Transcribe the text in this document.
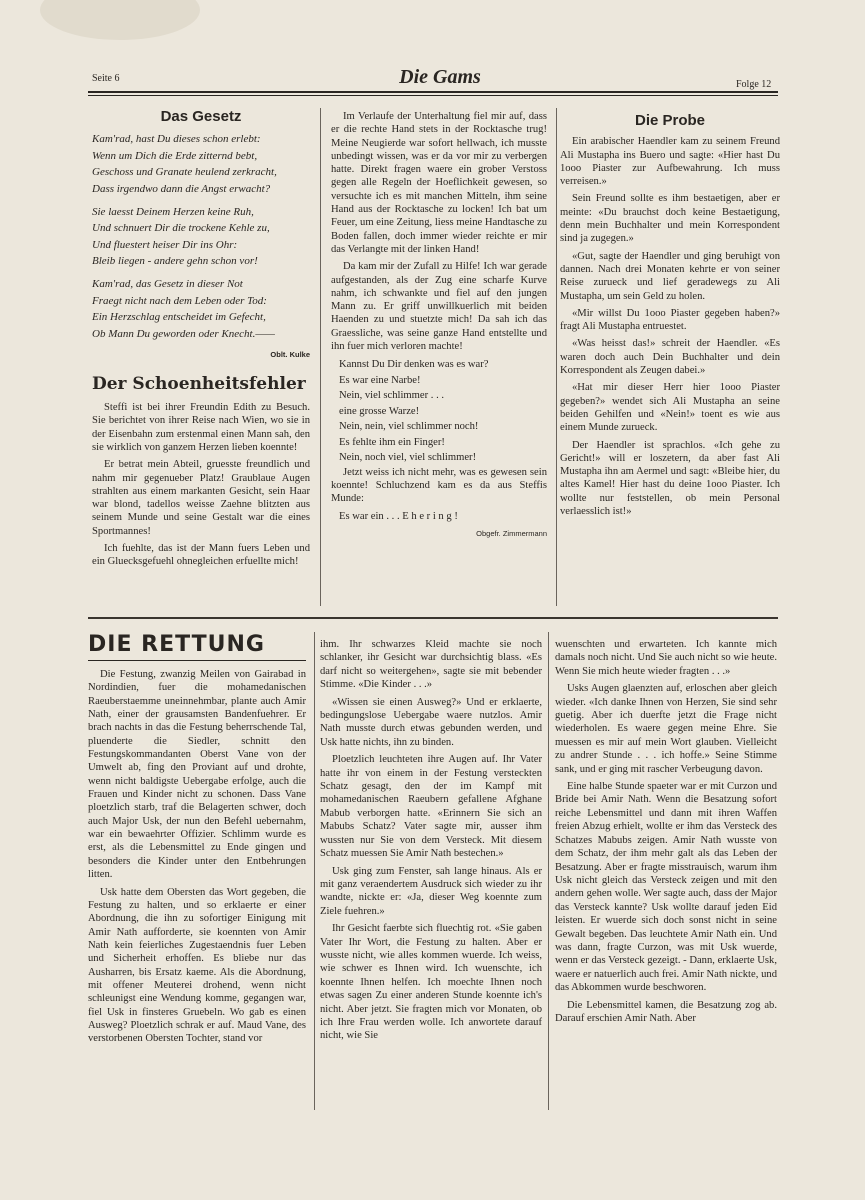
Seite 6	Die Gams	Folge 12
Das Gesetz
Kam'rad, hast Du dieses schon erlebt:
Wenn um Dich die Erde zitternd bebt,
Geschoss und Granate heulend zerkracht,
Dass irgendwo dann die Angst erwacht?
Sie laesst Deinem Herzen keine Ruh,
Und schnuert Dir die trockene Kehle zu,
Und fluestert heiser Dir ins Ohr:
Bleib liegen - andere gehn schon vor!
Kam'rad, das Gesetz in dieser Not
Fraegt nicht nach dem Leben oder Tod:
Ein Herzschlag entscheidet im Gefecht,
Ob Mann Du geworden oder Knecht.——
Oblt. Kulke
Der Schoenheitsfehler

Steffi ist bei ihrer Freundin Edith zu Besuch. Sie berichtet von ihrer Reise nach Wien, wo sie in der Eisenbahn zum erstenmal einen Mann sah, den sie wirklich von ganzem Herzen lieben koennte!

Er betrat mein Abteil, gruesste freundlich und nahm mir gegenueber Platz! Graublaue Augen strahlten aus einem markanten Gesicht, sein Haar war blond, tadellos weisse Zaehne blitzten aus seinem Munde und seine Gestalt war die eines Sportmannes!

Ich fuehlte, das ist der Mann fuers Leben und ein Gluecksgefuehl ohnegleichen erfuellte mich!

Im Verlaufe der Unterhaltung fiel mir auf, dass er die rechte Hand stets in der Rocktasche trug! Meine Neugierde war sofort hellwach, ich musste unbedingt wissen, was er da vor mir zu verbergen hatte. Direkt fragen waere ein grober Verstoss gegen alle Regeln der Hoeflichkeit gewesen, so versuchte ich es mit manchen Mitteln, ihm seine Hand aus der Rocktasche zu locken! Ich bat um Feuer, um eine Zeitung, liess meine Handtasche zu Boden fallen, doch immer wieder reichte er mir das Verlangte mit der linken Hand!

Da kam mir der Zufall zu Hilfe! Ich war gerade aufgestanden, als der Zug eine scharfe Kurve nahm, ich schwankte und fiel auf den jungen Mann zu. Er griff unwillkuerlich mit beiden Haenden zu und stuetzte mich! Da sah ich das Graessliche, was seine ganze Hand entstellte und ihn fuer mich verloren machte!

Kannst Du Dir denken was es war?
Es war eine Narbe!
Nein, viel schlimmer . . .
eine grosse Warze!
Nein, nein, viel schlimmer noch!
Es fehlte ihm ein Finger!
Nein, noch viel, viel schlimmer!

Jetzt weiss ich nicht mehr, was es gewesen sein koennte! Schluchzend kam es da aus Steffis Munde:

Es war ein . . . E h e r i n g !
Obgefr. Zimmermann
Die Probe

Ein arabischer Haendler kam zu seinem Freund Ali Mustapha ins Buero und sagte: «Hier hast Du 1ooo Piaster zur Aufbewahrung. Ich muss verreisen.»

Sein Freund sollte es ihm bestaetigen, aber er meinte: «Du brauchst doch keine Bestaetigung, denn mein Buchhalter und mein Korrespondent sind ja zugegen.»

«Gut, sagte der Haendler und ging beruhigt von dannen. Nach drei Monaten kehrte er von seiner Reise zurueck und lief geradewegs zu Ali Mustapha, um sein Geld zu holen.

«Mir willst Du 1ooo Piaster gegeben haben?» fragt Ali Mustapha entruestet.

«Was heisst das!» schreit der Haendler. «Es waren doch auch Dein Buchhalter und dein Korrespondent als Zeugen dabei.»

«Hat mir dieser Herr hier 1ooo Piaster gegeben?» wendet sich Ali Mustapha an seine beiden Gehilfen und «Nein!» toent es wie aus einem Munde zurueck.

Der Haendler ist sprachlos. «Ich gehe zu Gericht!» will er loszetern, da aber fast Ali Mustapha ihn am Aermel und sagt: «Bleibe hier, du altes Kamel! Hier hast du deine 1ooo Piaster. Ich wollte nur feststellen, ob mein Personal verlaesslich ist!»

DIE RETTUNG

Die Festung, zwanzig Meilen von Gairabad in Nordindien, fuer die mohamedanischen Raeuberstaemme uneinnehmbar, plante auch Amir Nath, einer der grausamsten Bandenfuehrer. Er brach nachts in das die Festung beherrschende Tal, pluenderte die Siedler, schnitt den Festungskommandanten Oberst Vane von der Umwelt ab, fing den Proviant auf und drohte, wenn nicht baldigste Uebergabe erfolge, auch die Frauen und Kinder nicht zu schonen. Dass Vane ploetzlich starb, traf die Belagerten schwer, doch auch Major Usk, der nun den Befehl uebernahm, war ein bewaehrter Offizier. Schlimm wurde es erst, als die Lebensmittel zu Ende gingen und besonders die Kinder unter den Entbehrungen litten.

Usk hatte dem Obersten das Wort gegeben, die Festung zu halten, und so erklaerte er einer Abordnung, die ihn zu sofortiger Einigung mit Amir Nath aufforderte, sie koennten von Amir Nath kein feierliches Zugestaendnis fuer Leben und Sicherheit erhoffen. Es bliebe nur das Ausharren, bis Ersatz kaeme. Als die Abordnung, mit offener Meuterei drohend, wenn nicht schleunigst eine Wendung komme, gegangen war, fiel Usk in finsteres Gruebeln. Wo gab es einen Ausweg? Ploetzlich schrak er auf. Maud Vane, des verstorbenen Obersten Tochter, stand vor

ihm. Ihr schwarzes Kleid machte sie noch schlanker, ihr Gesicht war durchsichtig blass. «Es darf nicht so weitergehen», sagte sie mit bebender Stimme. «Die Kinder . . .»

«Wissen sie einen Ausweg?» Und er erklaerte, bedingungslose Uebergabe waere nutzlos. Amir Nath musste durch etwas gebunden werden, und Usk hatte nichts, ihn zu binden.

Ploetzlich leuchteten ihre Augen auf. Ihr Vater hatte ihr von einem in der Festung versteckten Schatz gesagt, den der im Kampf mit mohamedanischen Raeubern gefallene Afghane Mabub verborgen hatte. «Erinnern Sie sich an Mabubs Schatz? Vater sagte mir, ausser ihm wussten nur Sie von dem Versteck. Mit diesem Schatz muessen Sie Amir Nath bestechen.»

Usk ging zum Fenster, sah lange hinaus. Als er mit ganz veraendertem Ausdruck sich wieder zu ihr wandte, nickte er: «Ja, dieser Weg koennte zum Ziele fuehren.»

Ihr Gesicht faerbte sich fluechtig rot. «Sie gaben Vater Ihr Wort, die Festung zu halten. Aber er wusste nicht, wie alles kommen wuerde. Ich weiss, wie schwer es Ihnen wird. Ich wuenschte, ich koennte Ihnen helfen. Ich moechte Ihnen noch etwas sagen Zu einer anderen Stunde koennte ich's nicht. Aber jetzt. Sie fragten mich vor Monaten, ob ich Ihre Frau werden wolle. Ich anwortete darauf nicht, wie Sie

wuenschten und erwarteten. Ich kannte mich damals noch nicht. Und Sie auch nicht so wie heute. Wenn Sie mich heute wieder fragten . . .»

Usks Augen glaenzten auf, erloschen aber gleich wieder. «Ich danke Ihnen von Herzen, Sie sind sehr guetig. Aber ich duerfte jetzt die Frage nicht wiederholen. Es waere gegen meine Ehre. Sie muessen es mir auf mein Wort glauben. Vielleicht zu andrer Stunde . . . ich hoffe.» Seine Stimme sank, und er ging mit rascher Verbeugung davon.

Eine halbe Stunde spaeter war er mit Curzon und Bride bei Amir Nath. Wenn die Besatzung sofort reiche Lebensmittel und dann mit ihren Waffen freien Abzug erhielt, wollte er ihm das Versteck des Schatzes Mabubs zeigen. Amir Nath wusste von dem Schatz, der ihm mehr galt als das Leben der Besatzung. Aber er fragte misstrauisch, warum ihm Usk nicht gleich das Versteck zeigen und mit den andern gehen wolle. Wer sagte auch, dass der Major das Versteck kannte? Usk wollte darauf jeden Eid leisten. Er wuerde sich doch sonst nicht in seine Gewalt begeben. Das leuchtete Amir Nath ein. Und was dann, fragte Curzon, was mit Usk wuerde, wenn er das Versteck gezeigt. - Dann, erklaerte Usk, waere er natuerlich auch frei. Amir Nath nickte, und das Abkommen wurde beschworen.

Die Lebensmittel kamen, die Besatzung zog ab. Darauf erschien Amir Nath. Aber
